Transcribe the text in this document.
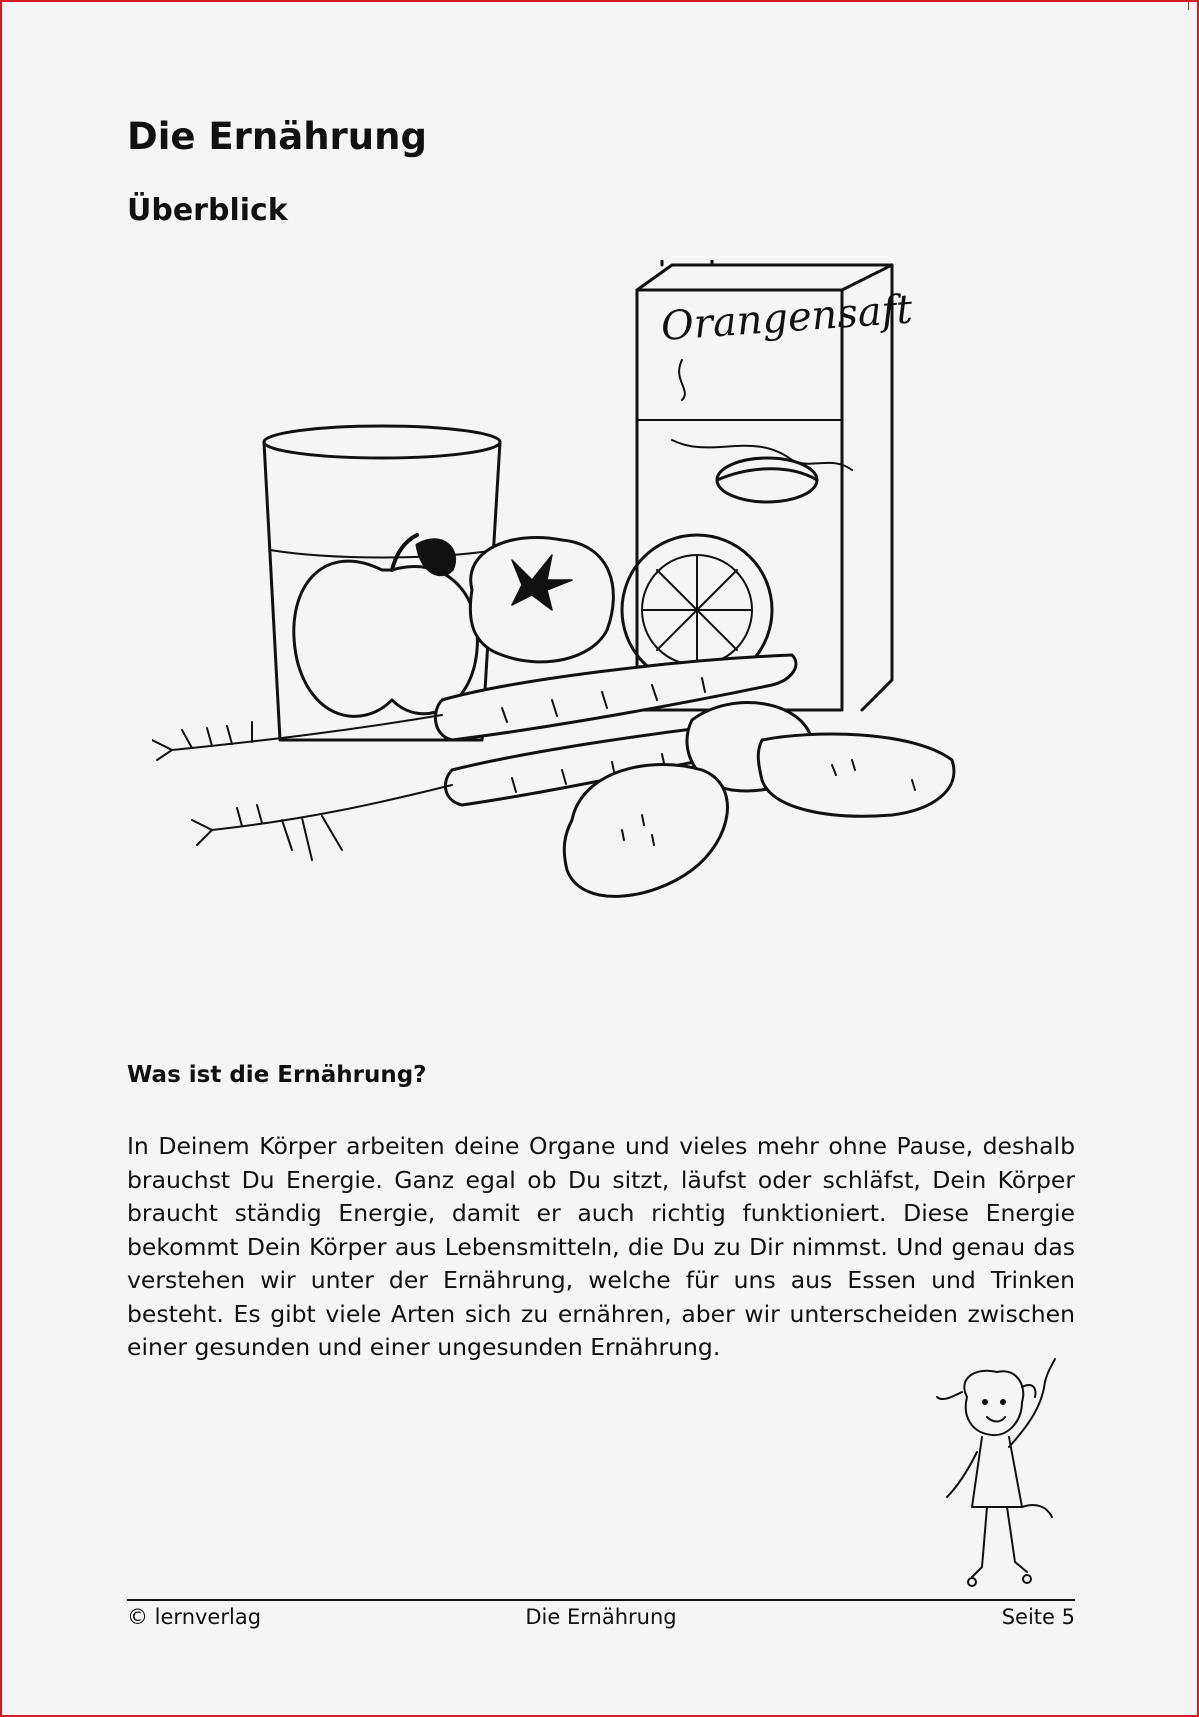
Die Ernährung
Überblick
Orangensaft
Was ist die Ernährung?

In Deinem Körper arbeiten deine Organe und vieles mehr ohne Pause, deshalb brauchst Du Energie. Ganz egal ob Du sitzt, läufst oder schläfst, Dein Körper braucht ständig Energie, damit er auch richtig funktioniert. Diese Energie bekommt Dein Körper aus Lebensmitteln, die Du zu Dir nimmst. Und genau das verstehen wir unter der Ernährung, welche für uns aus Essen und Trinken besteht. Es gibt viele Arten sich zu ernähren, aber wir unterscheiden zwischen einer gesunden und einer ungesunden Ernährung.

© lernverlag	Die Ernährung	Seite 5
